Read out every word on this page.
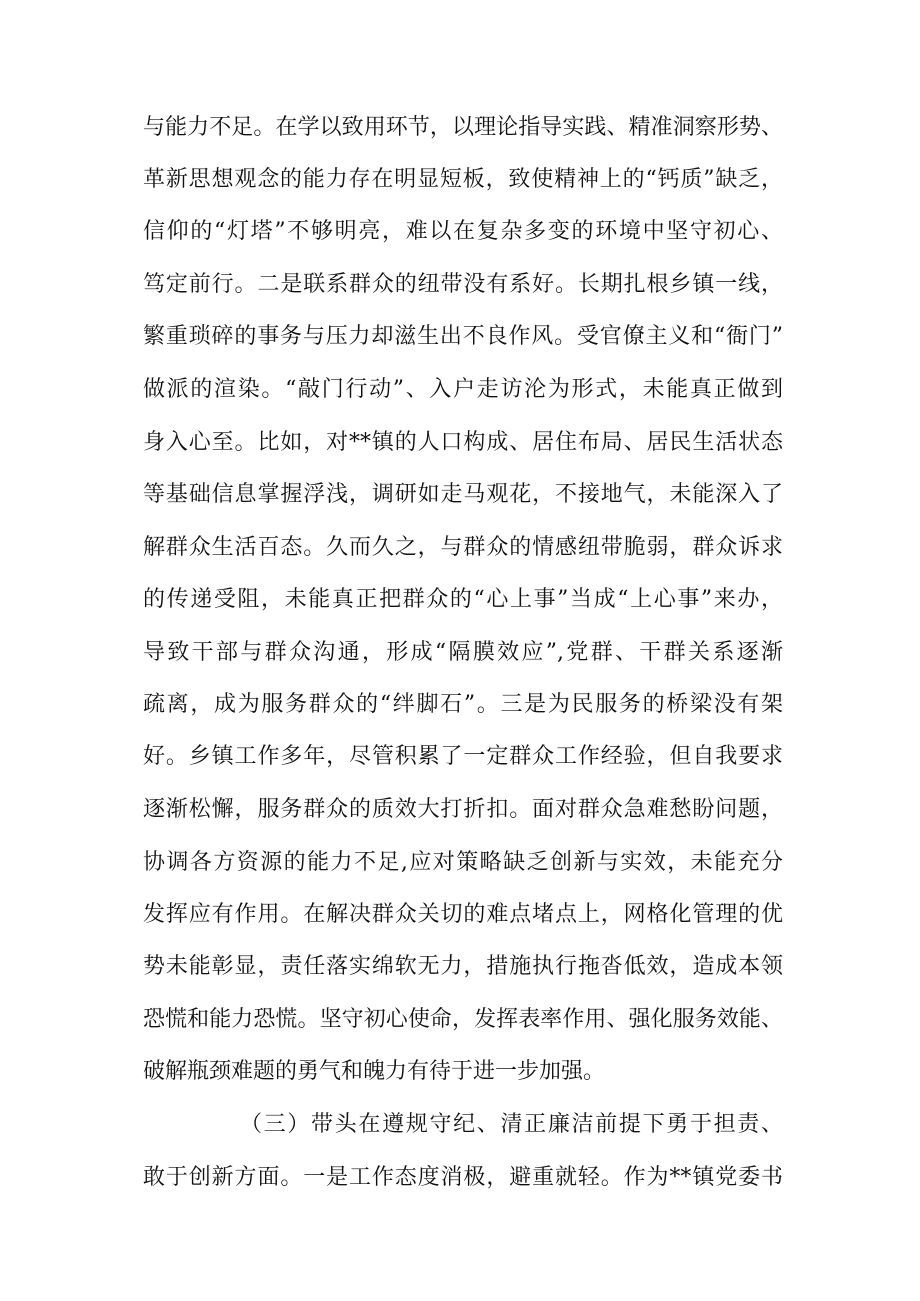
与能力不足。在学以致用环节，以理论指导实践、精准洞察形势、
革新思想观念的能力存在明显短板，致使精神上的“钙质”缺乏，
信仰的“灯塔”不够明亮，难以在复杂多变的环境中坚守初心、
笃定前行。二是联系群众的纽带没有系好。长期扎根乡镇一线，
繁重琐碎的事务与压力却滋生出不良作风。受官僚主义和“衙门”
做派的渲染。“敲门行动”、入户走访沦为形式，未能真正做到
身入心至。比如，对**镇的人口构成、居住布局、居民生活状态
等基础信息掌握浮浅，调研如走马观花，不接地气，未能深入了
解群众生活百态。久而久之，与群众的情感纽带脆弱，群众诉求
的传递受阻，未能真正把群众的“心上事”当成“上心事”来办，
导致干部与群众沟通，形成“隔膜效应”,党群、干群关系逐渐
疏离，成为服务群众的“绊脚石”。三是为民服务的桥梁没有架
好。乡镇工作多年，尽管积累了一定群众工作经验，但自我要求
逐渐松懈，服务群众的质效大打折扣。面对群众急难愁盼问题，
协调各方资源的能力不足,应对策略缺乏创新与实效，未能充分
发挥应有作用。在解决群众关切的难点堵点上，网格化管理的优
势未能彰显，责任落实绵软无力，措施执行拖沓低效，造成本领
恐慌和能力恐慌。坚守初心使命，发挥表率作用、强化服务效能、
破解瓶颈难题的勇气和魄力有待于进一步加强。
（三）带头在遵规守纪、清正廉洁前提下勇于担责、
敢于创新方面。一是工作态度消极，避重就轻。作为**镇党委书
